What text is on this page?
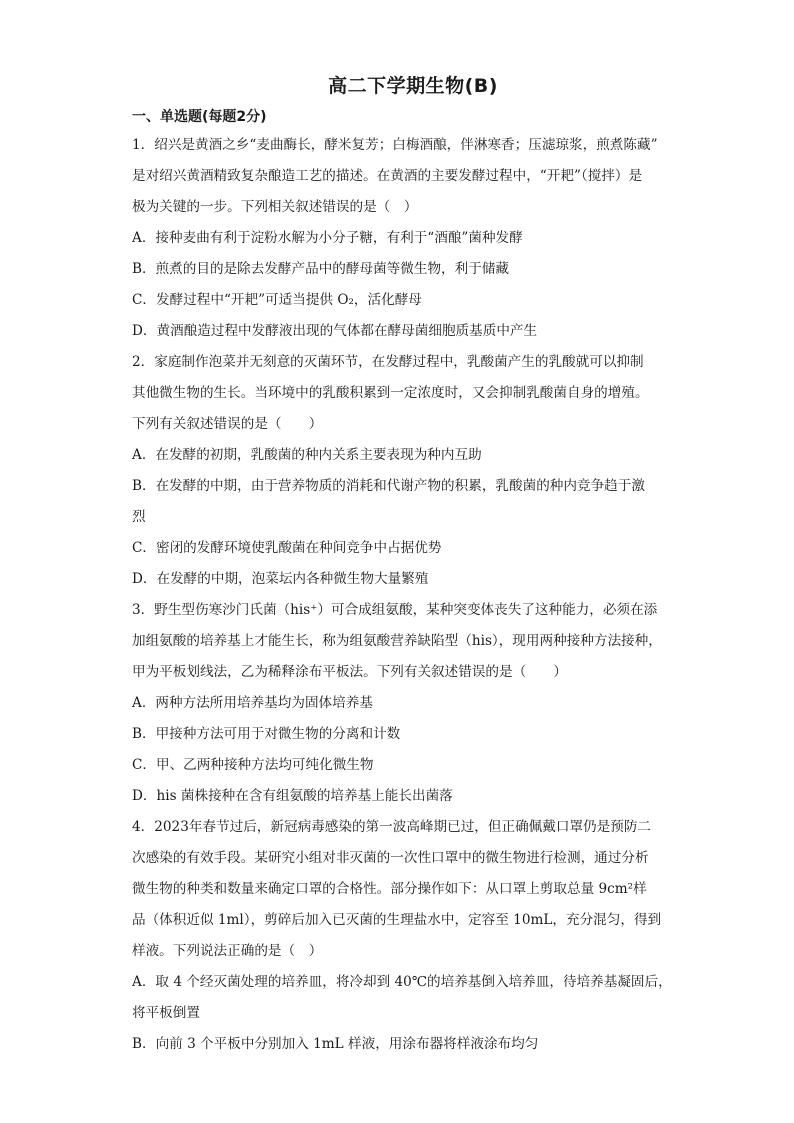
高二下学期生物(B)
一、单选题(每题2分)
1．绍兴是黄酒之乡“麦曲酶长，酵米复芳；白梅酒酿，伴淋寒香；压滤琼浆，煎煮陈藏”
是对绍兴黄酒精致复杂酿造工艺的描述。在黄酒的主要发酵过程中，“开耙”（搅拌）是
极为关键的一步。下列相关叙述错误的是（　）
A．接种麦曲有利于淀粉水解为小分子糖，有利于“酒酿”菌种发酵
B．煎煮的目的是除去发酵产品中的酵母菌等微生物，利于储藏
C．发酵过程中“开耙”可适当提供 O₂，活化酵母
D．黄酒酿造过程中发酵液出现的气体都在酵母菌细胞质基质中产生
2．家庭制作泡菜并无刻意的灭菌环节，在发酵过程中，乳酸菌产生的乳酸就可以抑制
其他微生物的生长。当环境中的乳酸积累到一定浓度时，又会抑制乳酸菌自身的增殖。
下列有关叙述错误的是（　　）
A．在发酵的初期，乳酸菌的种内关系主要表现为种内互助
B．在发酵的中期，由于营养物质的消耗和代谢产物的积累，乳酸菌的种内竞争趋于激
烈
C．密闭的发酵环境使乳酸菌在种间竞争中占据优势
D．在发酵的中期，泡菜坛内各种微生物大量繁殖
3．野生型伤寒沙门氏菌（his⁺）可合成组氨酸，某种突变体丧失了这种能力，必须在添
加组氨酸的培养基上才能生长，称为组氨酸营养缺陷型（his），现用两种接种方法接种，
甲为平板划线法，乙为稀释涂布平板法。下列有关叙述错误的是（　　）
A．两种方法所用培养基均为固体培养基
B．甲接种方法可用于对微生物的分离和计数
C．甲、乙两种接种方法均可纯化微生物
D．his 菌株接种在含有组氨酸的培养基上能长出菌落
4．2023年春节过后，新冠病毒感染的第一波高峰期已过，但正确佩戴口罩仍是预防二
次感染的有效手段。某研究小组对非灭菌的一次性口罩中的微生物进行检测，通过分析
微生物的种类和数量来确定口罩的合格性。部分操作如下：从口罩上剪取总量 9cm²样
品（体积近似 1ml），剪碎后加入已灭菌的生理盐水中，定容至 10mL，充分混匀，得到
样液。下列说法正确的是（　）
A．取 4 个经灭菌处理的培养皿，将冷却到 40℃的培养基倒入培养皿，待培养基凝固后，
将平板倒置
B．向前 3 个平板中分别加入 1mL 样液，用涂布器将样液涂布均匀
